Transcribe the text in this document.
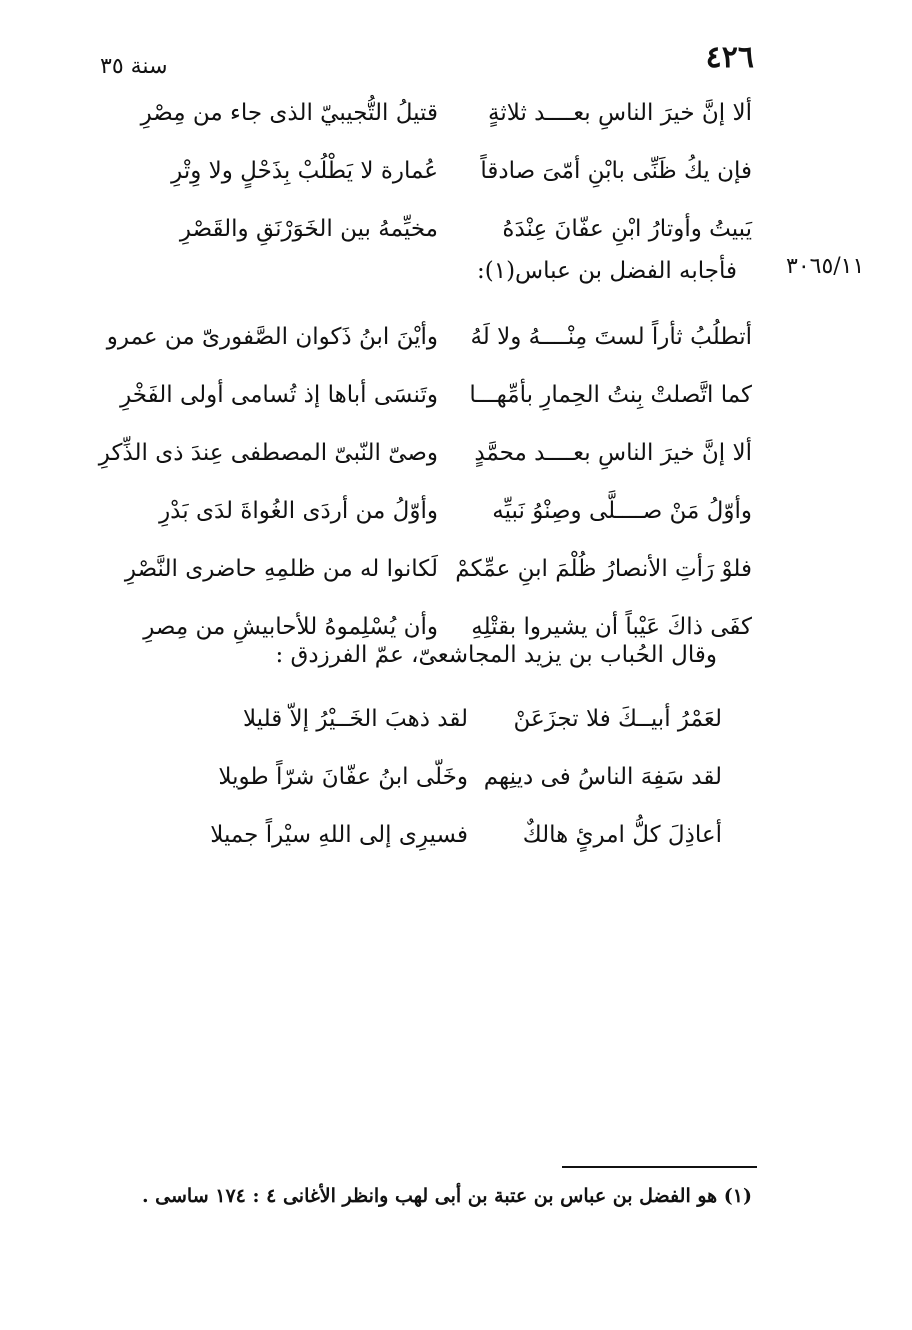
٤٢٦
سنة ٣٥
ألا إنَّ خيرَ الناسِ بعــــد ثلاثةٍ
قتيلُ التُّجيبيّ الذى جاء من مِصْرِ
فإن يكُ ظَنِّى بابْنِ أمّىَ صادقاً
عُمارة لا يَطْلُبْ بِذَحْلٍ ولا وِتْرِ
يَبيتُ وأوتارُ ابْنِ عفّانَ عِنْدَهُ
مخيِّمهُ بين الخَوَرْنَقِ والقَصْرِ
٣٠٦٥/١١
فأجابه الفضل بن عباس(١):
أتطلُبُ ثأراً لستَ مِنْــــهُ ولا لَهُ
وأيْنَ ابنُ ذَكوان الصَّفورىّ من عمرو
كما اتَّصلتْ بِنتُ الحِمارِ بأمِّهـــا
وتَنسَى أباها إذ تُسامى أولى الفَخْرِ
ألا إنَّ خيرَ الناسِ بعــــد محمَّدٍ
وصىّ النّبىّ المصطفى عِندَ ذى الذِّكرِ
وأوّلُ مَنْ صــــلَّى وصِنْوُ نَبيِّه
وأوّلُ من أردَى الغُواةَ لدَى بَدْرِ
فلوْ رَأتِ الأنصارُ ظُلْمَ ابنِ عمِّكمْ
لَكانوا له من ظلمِهِ حاضرى النَّصْرِ
كفَى ذاكَ عَيْباً أن يشيروا بقتْلِهِ
وأن يُسْلِموهُ للأحابيشِ من مِصرِ
وقال الحُباب بن يزيد المجاشعىّ، عمّ الفرزدق :
لعَمْرُ أبيــكَ فلا تجزَعَنْ
لقد ذهبَ الخَــيْرُ إلاّ قليلا
لقد سَفِهَ الناسُ فى دينِهم
وخَلّى ابنُ عفّانَ شرّاً طويلا
أعاذِلَ كلُّ امرئٍ هالكٌ
فسيرِى إلى اللهِ سيْراً جميلا
(١) هو الفضل بن عباس بن عتبة بن أبى لهب وانظر الأغانى ٤ : ١٧٤ ساسى .
